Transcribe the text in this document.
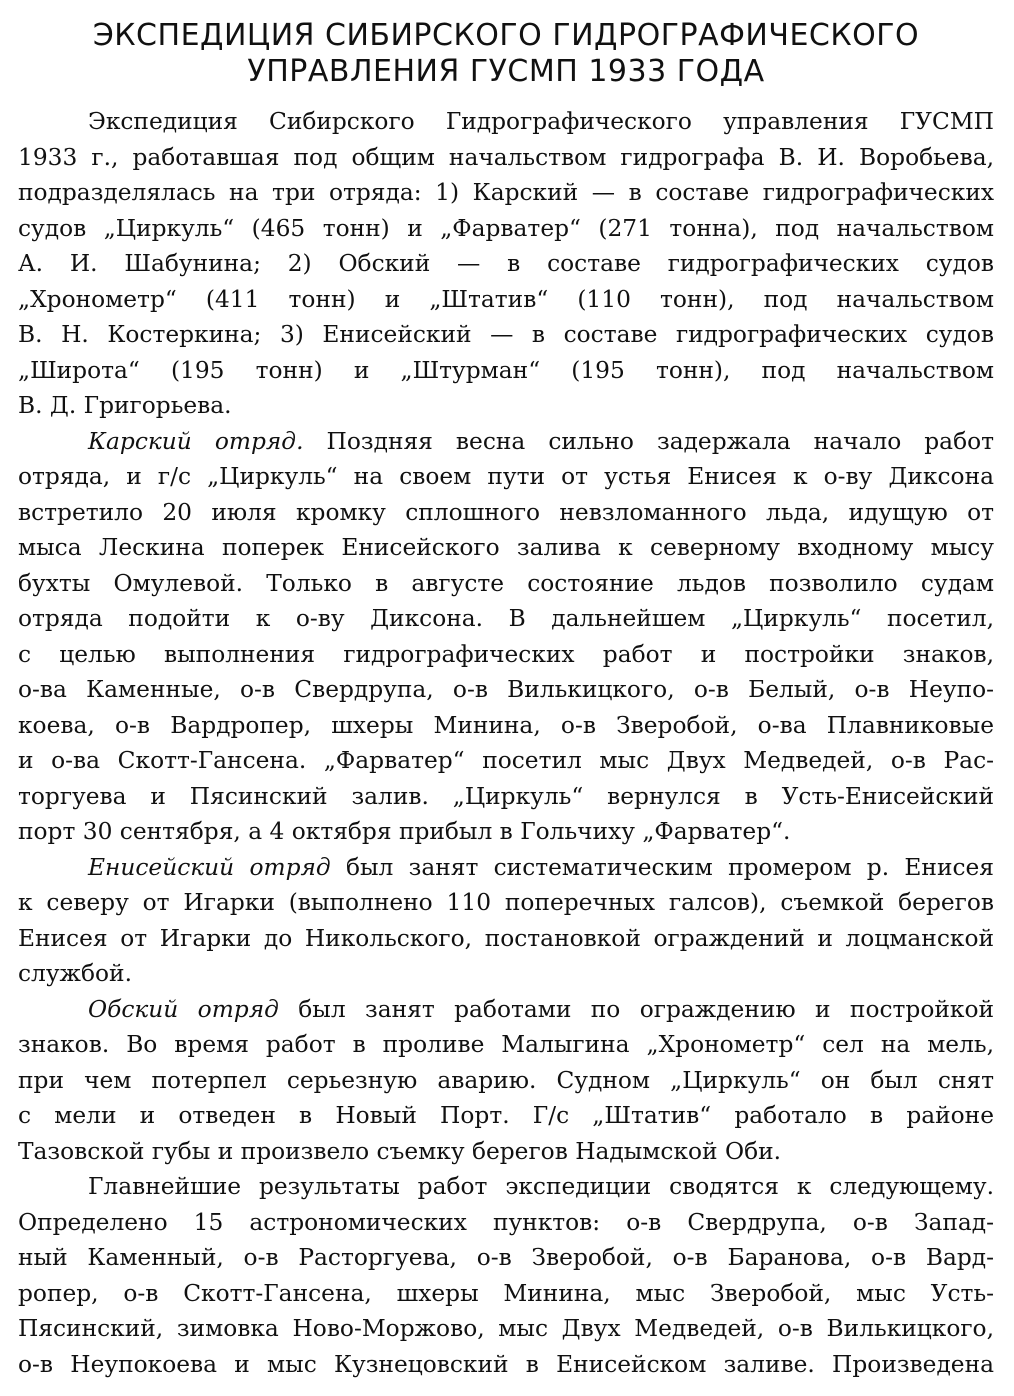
ЭКСПЕДИЦИЯ СИБИРСКОГО ГИДРОГРАФИЧЕСКОГО
УПРАВЛЕНИЯ ГУСМП 1933 ГОДА
Экспедиция Сибирского Гидрографического управления ГУСМП
1933 г., работавшая под общим начальством гидрографа В. И. Воробьева,
подразделялась на три отряда: 1) Карский — в составе гидрографических
судов „Циркуль“ (465 тонн) и „Фарватер“ (271 тонна), под начальством
А. И. Шабунина; 2) Обский — в составе гидрографических судов
„Хронометр“ (411 тонн) и „Штатив“ (110 тонн), под начальством
В. Н. Костеркина; 3) Енисейский — в составе гидрографических судов
„Широта“ (195 тонн) и „Штурман“ (195 тонн), под начальством
В. Д. Григорьева.
Карский отряд. Поздняя весна сильно задержала начало работ
отряда, и г/с „Циркуль“ на своем пути от устья Енисея к о-ву Диксона
встретило 20 июля кромку сплошного невзломанного льда, идущую от
мыса Лескина поперек Енисейского залива к северному входному мысу
бухты Омулевой. Только в августе состояние льдов позволило судам
отряда подойти к о-ву Диксона. В дальнейшем „Циркуль“ посетил,
с целью выполнения гидрографических работ и постройки знаков,
о-ва Каменные, о-в Свердрупа, о-в Вилькицкого, о-в Белый, о-в Неупо-
коева, о-в Вардропер, шхеры Минина, о-в Зверобой, о-ва Плавниковые
и о-ва Скотт-Гансена. „Фарватер“ посетил мыс Двух Медведей, о-в Рас-
торгуева и Пясинский залив. „Циркуль“ вернулся в Усть-Енисейский
порт 30 сентября, а 4 октября прибыл в Гольчиху „Фарватер“.
Енисейский отряд был занят систематическим промером р. Енисея
к северу от Игарки (выполнено 110 поперечных галсов), съемкой берегов
Енисея от Игарки до Никольского, постановкой ограждений и лоцманской
службой.
Обский отряд был занят работами по ограждению и постройкой
знаков. Во время работ в проливе Малыгина „Хронометр“ сел на мель,
при чем потерпел серьезную аварию. Судном „Циркуль“ он был снят
с мели и отведен в Новый Порт. Г/с „Штатив“ работало в районе
Тазовской губы и произвело съемку берегов Надымской Оби.
Главнейшие результаты работ экспедиции сводятся к следующему.
Определено 15 астрономических пунктов: о-в Свердрупа, о-в Запад-
ный Каменный, о-в Расторгуева, о-в Зверобой, о-в Баранова, о-в Вард-
ропер, о-в Скотт-Гансена, шхеры Минина, мыс Зверобой, мыс Усть-
Пясинский, зимовка Ново-Моржово, мыс Двух Медведей, о-в Вилькицкого,
о-в Неупокоева и мыс Кузнецовский в Енисейском заливе. Произведена
